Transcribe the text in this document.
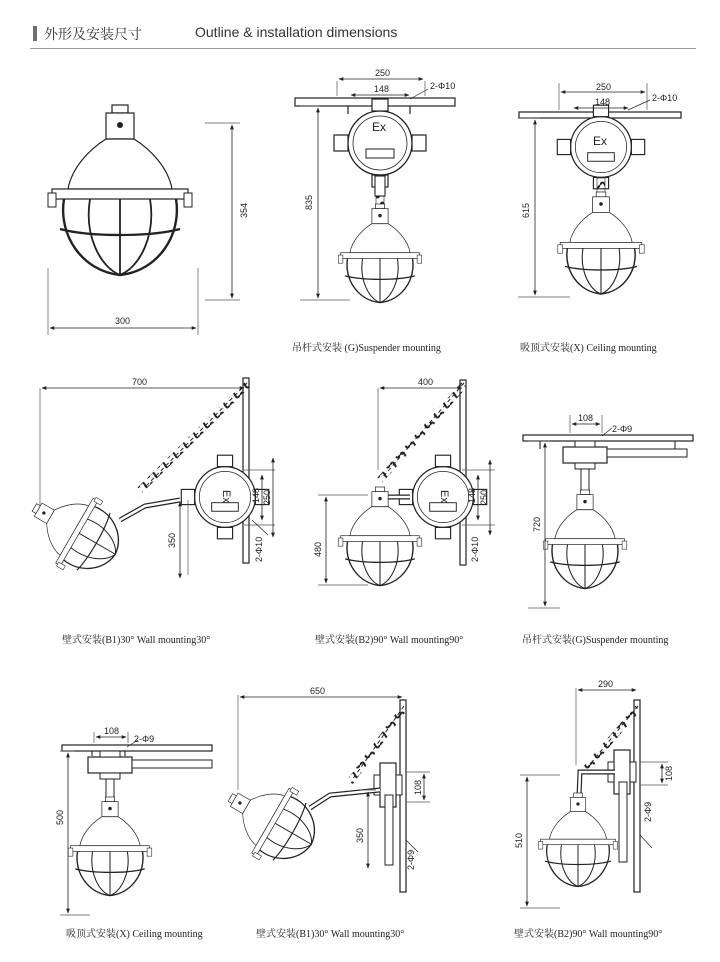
外形及安装尺寸	Outline & installation dimensions
354
300
250
148	2-Φ10
835
Ex
250
148	2-Φ10
615
Ex
700
148 250
350	2-Φ10
Ex
400
148 250
480	2-Φ10
Ex
108
2-Φ9
720
108
2-Φ9
500
650
108
350
2-Φ9
290
108
2-Φ9
510
吊杆式安装 (G)Suspender mounting	吸顶式安装(X) Ceiling mounting
壁式安装(B1)30° Wall mounting30°	壁式安装(B2)90° Wall mounting90°	吊杆式安装(G)Suspender mounting
吸顶式安装(X) Ceiling mounting	壁式安装(B1)30° Wall mounting30°	壁式安装(B2)90° Wall mounting90°
